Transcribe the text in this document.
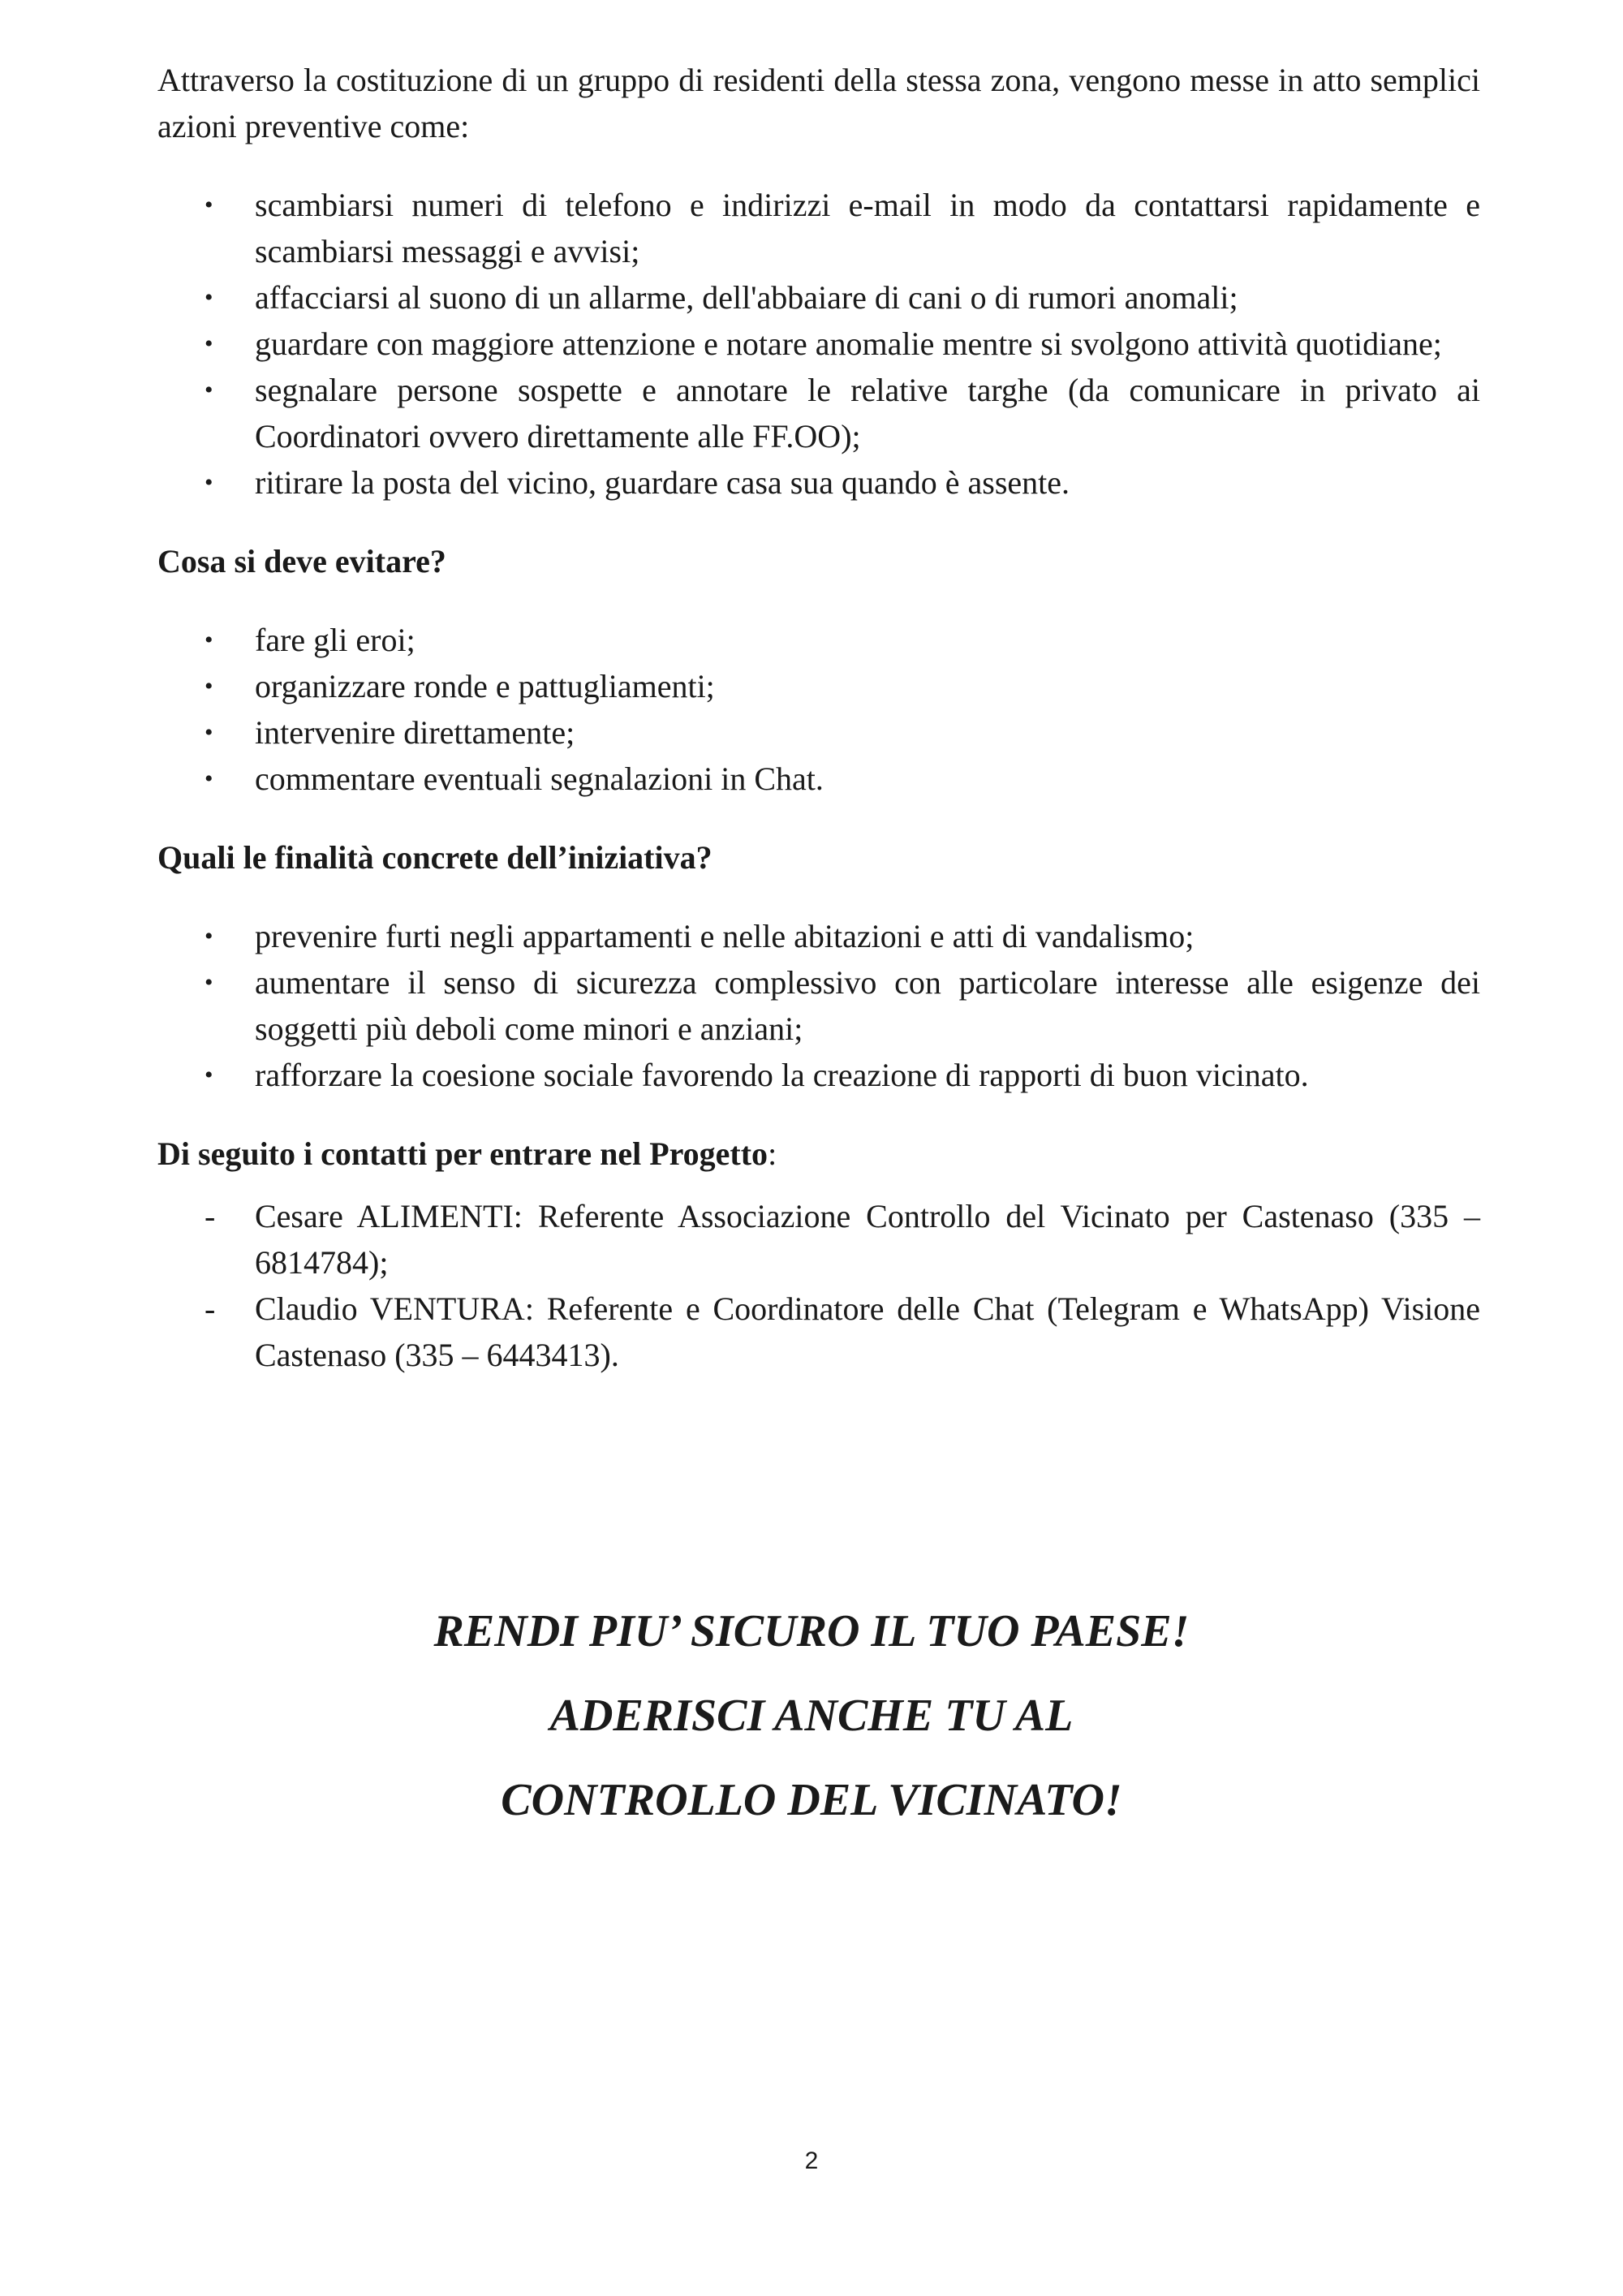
Attraverso la costituzione di un gruppo di residenti della stessa zona, vengono messe in atto semplici azioni preventive come:

• scambiarsi numeri di telefono e indirizzi e-mail in modo da contattarsi rapidamente e scambiarsi messaggi e avvisi;
• affacciarsi al suono di un allarme, dell'abbaiare di cani o di rumori anomali;
• guardare con maggiore attenzione e notare anomalie mentre si svolgono attività quotidiane;
• segnalare persone sospette e annotare le relative targhe (da comunicare in privato ai Coordinatori ovvero direttamente alle FF.OO);
• ritirare la posta del vicino, guardare casa sua quando è assente.

Cosa si deve evitare?

• fare gli eroi;
• organizzare ronde e pattugliamenti;
• intervenire direttamente;
• commentare eventuali segnalazioni in Chat.

Quali le finalità concrete dell’iniziativa?

• prevenire furti negli appartamenti e nelle abitazioni e atti di vandalismo;
• aumentare il senso di sicurezza complessivo con particolare interesse alle esigenze dei soggetti più deboli come minori e anziani;
• rafforzare la coesione sociale favorendo la creazione di rapporti di buon vicinato.

Di seguito i contatti per entrare nel Progetto:

- Cesare ALIMENTI: Referente Associazione Controllo del Vicinato per Castenaso (335 – 6814784);
- Claudio VENTURA: Referente e Coordinatore delle Chat (Telegram e WhatsApp) Visione Castenaso (335 – 6443413).
RENDI PIU’ SICURO IL TUO PAESE!
ADERISCI ANCHE TU AL
CONTROLLO DEL VICINATO!
2
